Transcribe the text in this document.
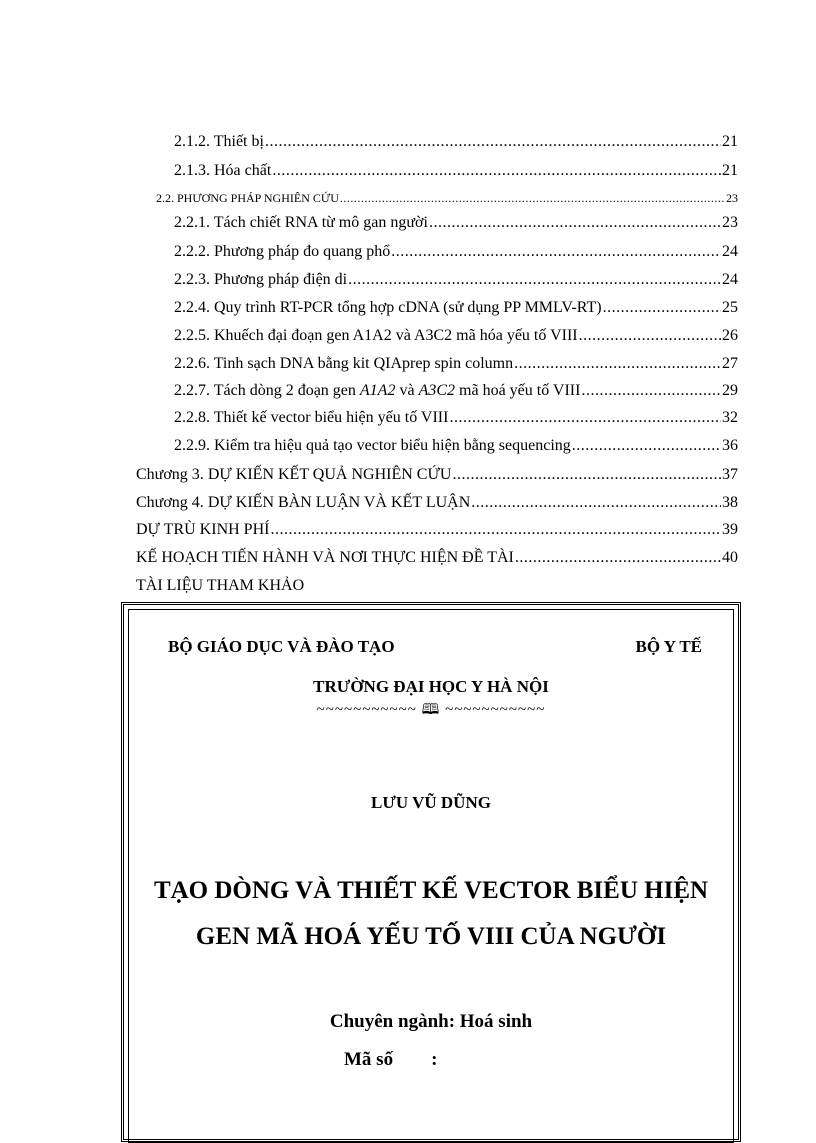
2.1.2. Thiết bị .....	21
2.1.3. Hóa chất .....	21
2.2. PHƯƠNG PHÁP NGHIÊN CỨU .....	23
2.2.1. Tách chiết RNA từ mô gan người .....	23
2.2.2. Phương pháp đo quang phổ .....	24
2.2.3. Phương pháp điện di .....	24
2.2.4. Quy trình RT-PCR tổng hợp cDNA (sử dụng PP MMLV-RT) .....	25
2.2.5. Khuếch đại đoạn gen A1A2 và A3C2 mã hóa yếu tố VIII .....	26
2.2.6. Tinh sạch DNA bằng kit QIAprep spin column .....	27
2.2.7. Tách dòng 2 đoạn gen A1A2 và A3C2 mã hoá yếu tố VIII .....	29
2.2.8. Thiết kế vector biểu hiện yếu tố VIII .....	32
2.2.9. Kiểm tra hiệu quả tạo vector biểu hiện bằng sequencing .....	36
Chương 3. DỰ KIẾN KẾT QUẢ NGHIÊN CỨU .....	37
Chương 4. DỰ KIẾN BÀN LUẬN VÀ KẾT LUẬN .....	38
DỰ TRÙ KINH PHÍ .....	39
KẾ HOẠCH TIẾN HÀNH VÀ NƠI THỰC HIỆN ĐỀ TÀI .....	40
TÀI LIỆU THAM KHẢO
BỘ GIÁO DỤC VÀ ĐÀO TẠO	BỘ Y TẾ
TRƯỜNG ĐẠI HỌC Y HÀ NỘI
~~~~~~~~~~~ 🕮 ~~~~~~~~~~~
LƯU VŨ DŨNG
TẠO DÒNG VÀ THIẾT KẾ VECTOR BIỂU HIỆN
GEN MÃ HOÁ YẾU TỐ VIII CỦA NGƯỜI
Chuyên ngành: Hoá sinh
Mã số :
